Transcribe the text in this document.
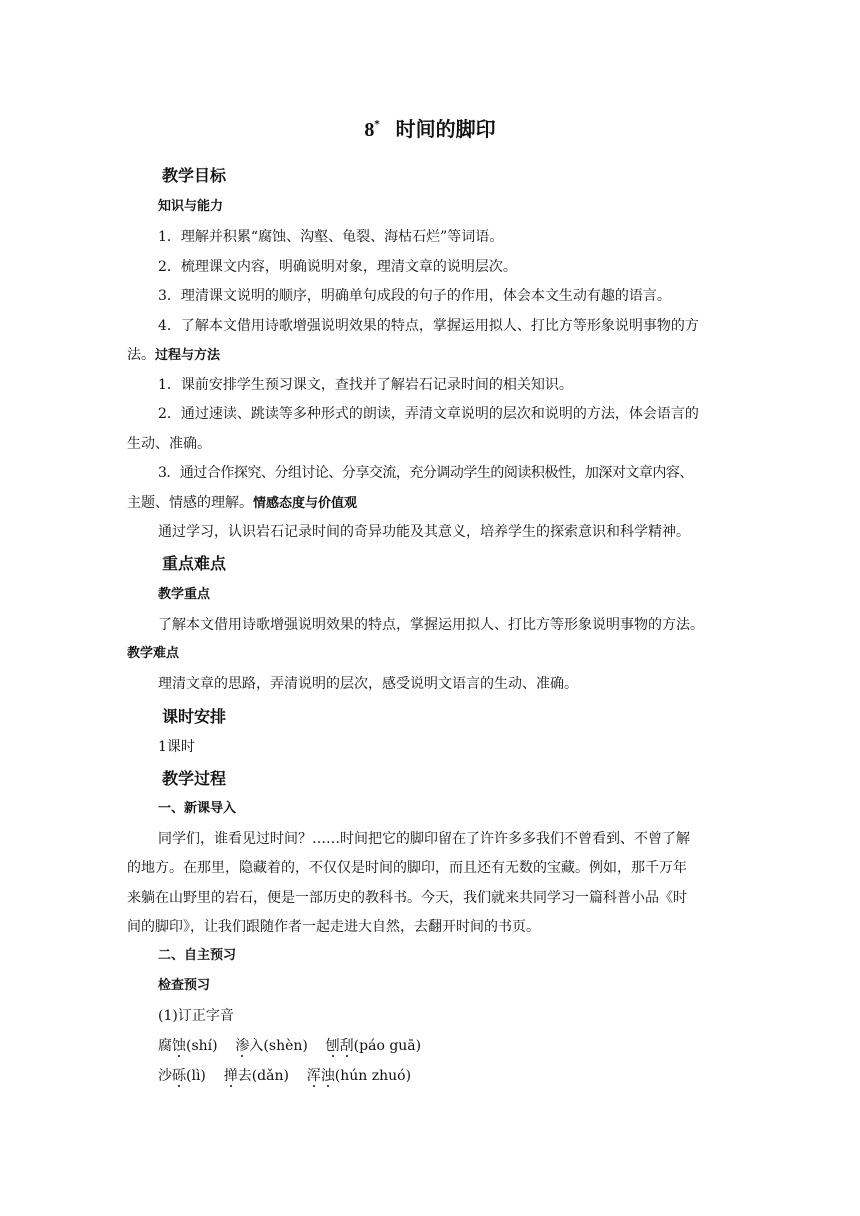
8* 时间的脚印
教学目标
知识与能力
1．理解并积累“腐蚀、沟壑、龟裂、海枯石烂”等词语。
2．梳理课文内容，明确说明对象，理清文章的说明层次。
3．理清课文说明的顺序，明确单句成段的句子的作用，体会本文生动有趣的语言。
4．了解本文借用诗歌增强说明效果的特点，掌握运用拟人、打比方等形象说明事物的方
法。过程与方法
1．课前安排学生预习课文，查找并了解岩石记录时间的相关知识。
2．通过速读、跳读等多种形式的朗读，弄清文章说明的层次和说明的方法，体会语言的
生动、准确。
3．通过合作探究、分组讨论、分享交流，充分调动学生的阅读积极性，加深对文章内容、
主题、情感的理解。情感态度与价值观
通过学习，认识岩石记录时间的奇异功能及其意义，培养学生的探索意识和科学精神。
重点难点
教学重点
了解本文借用诗歌增强说明效果的特点，掌握运用拟人、打比方等形象说明事物的方法。
教学难点
理清文章的思路，弄清说明的层次，感受说明文语言的生动、准确。
课时安排
1课时
教学过程
一、新课导入
同学们，谁看见过时间？……时间把它的脚印留在了许许多多我们不曾看到、不曾了解
的地方。在那里，隐藏着的，不仅仅是时间的脚印，而且还有无数的宝藏。例如，那千万年
来躺在山野里的岩石，便是一部历史的教科书。今天，我们就来共同学习一篇科普小品《时
间的脚印》，让我们跟随作者一起走进大自然，去翻开时间的书页。
二、自主预习
检查预习
(1)订正字音
腐蚀(shí) 渗入(shèn) 刨刮(páo guā)
沙砾(lì) 掸去(dǎn) 浑浊(hún zhuó)
